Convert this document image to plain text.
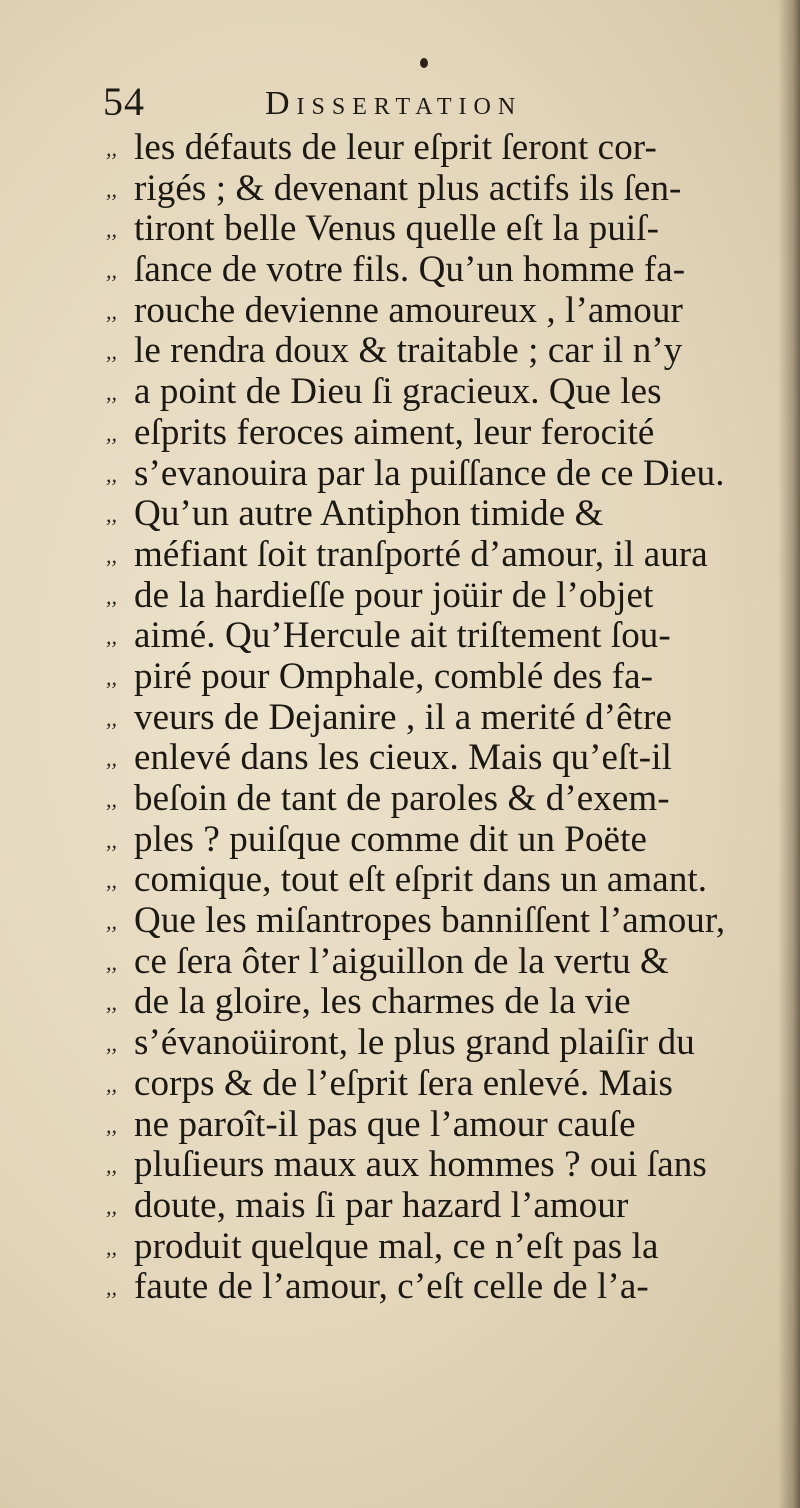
54	Dissertation
,, les défauts de leur eſprit ſeront cor-
,, rigés ; & devenant plus actifs ils ſen-
,, tiront belle Venus quelle eſt la puiſ-
,, ſance de votre fils. Qu’un homme fa-
,, rouche devienne amoureux , l’amour
,, le rendra doux & traitable ; car il n’y
,, a point de Dieu ſi gracieux. Que les
,, eſprits feroces aiment, leur ferocité
,, s’evanouira par la puiſſance de ce Dieu.
,, Qu’un autre Antiphon timide &
,, méfiant ſoit tranſporté d’amour, il aura
,, de la hardieſſe pour joüir de l’objet
,, aimé. Qu’Hercule ait triſtement ſou-
,, piré pour Omphale, comblé des fa-
,, veurs de Dejanire , il a merité d’être
,, enlevé dans les cieux. Mais qu’eſt-il
,, beſoin de tant de paroles & d’exem-
,, ples ? puiſque comme dit un Poëte
,, comique, tout eſt eſprit dans un amant.
,, Que les miſantropes banniſſent l’amour,
,, ce ſera ôter l’aiguillon de la vertu &
,, de la gloire, les charmes de la vie
,, s’évanoüiront, le plus grand plaiſir du
,, corps & de l’eſprit ſera enlevé. Mais
,, ne paroît-il pas que l’amour cauſe
,, pluſieurs maux aux hommes ? oui ſans
,, doute, mais ſi par hazard l’amour
,, produit quelque mal, ce n’eſt pas la
,, faute de l’amour, c’eſt celle de l’a-
